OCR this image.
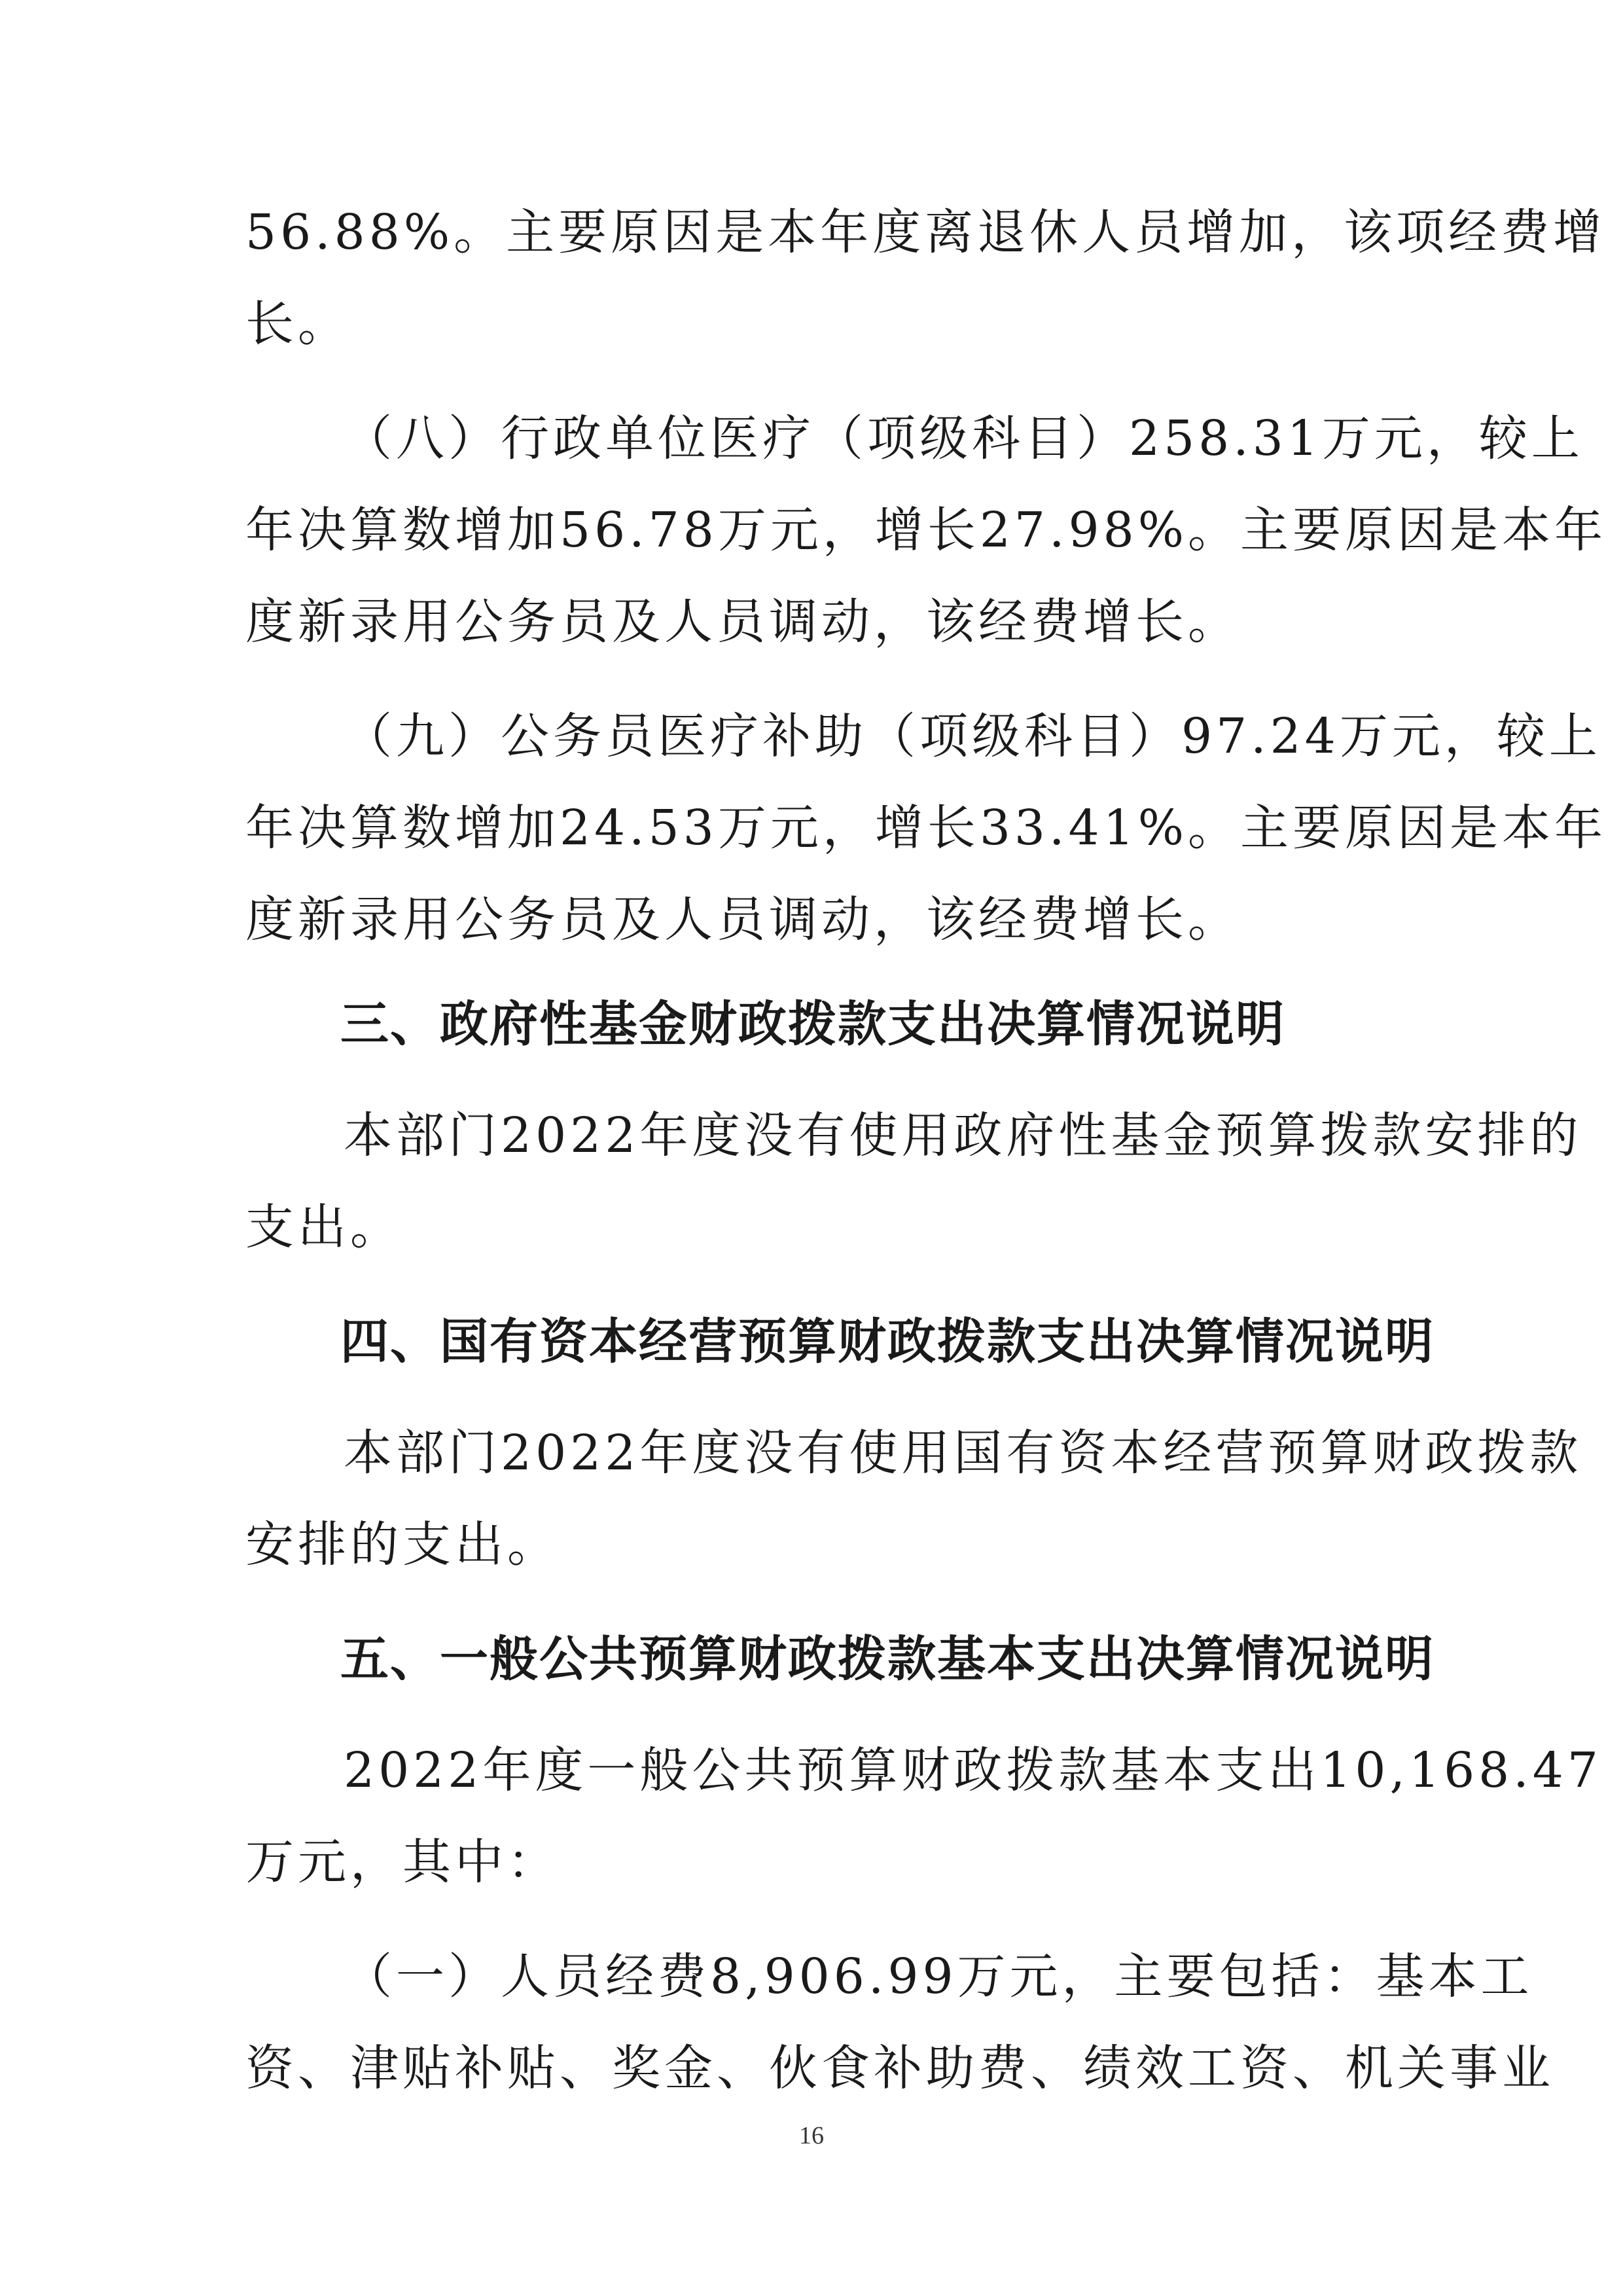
56.88%。主要原因是本年度离退休人员增加，该项经费增
长。
（八）行政单位医疗（项级科目）258.31万元，较上
年决算数增加56.78万元，增长27.98%。主要原因是本年
度新录用公务员及人员调动，该经费增长。
（九）公务员医疗补助（项级科目）97.24万元，较上
年决算数增加24.53万元，增长33.41%。主要原因是本年
度新录用公务员及人员调动，该经费增长。
三、政府性基金财政拨款支出决算情况说明
本部门2022年度没有使用政府性基金预算拨款安排的
支出。
四、国有资本经营预算财政拨款支出决算情况说明
本部门2022年度没有使用国有资本经营预算财政拨款
安排的支出。
五、一般公共预算财政拨款基本支出决算情况说明
2022年度一般公共预算财政拨款基本支出10,168.47
万元，其中：
（一）人员经费8,906.99万元，主要包括：基本工
资、津贴补贴、奖金、伙食补助费、绩效工资、机关事业
16
